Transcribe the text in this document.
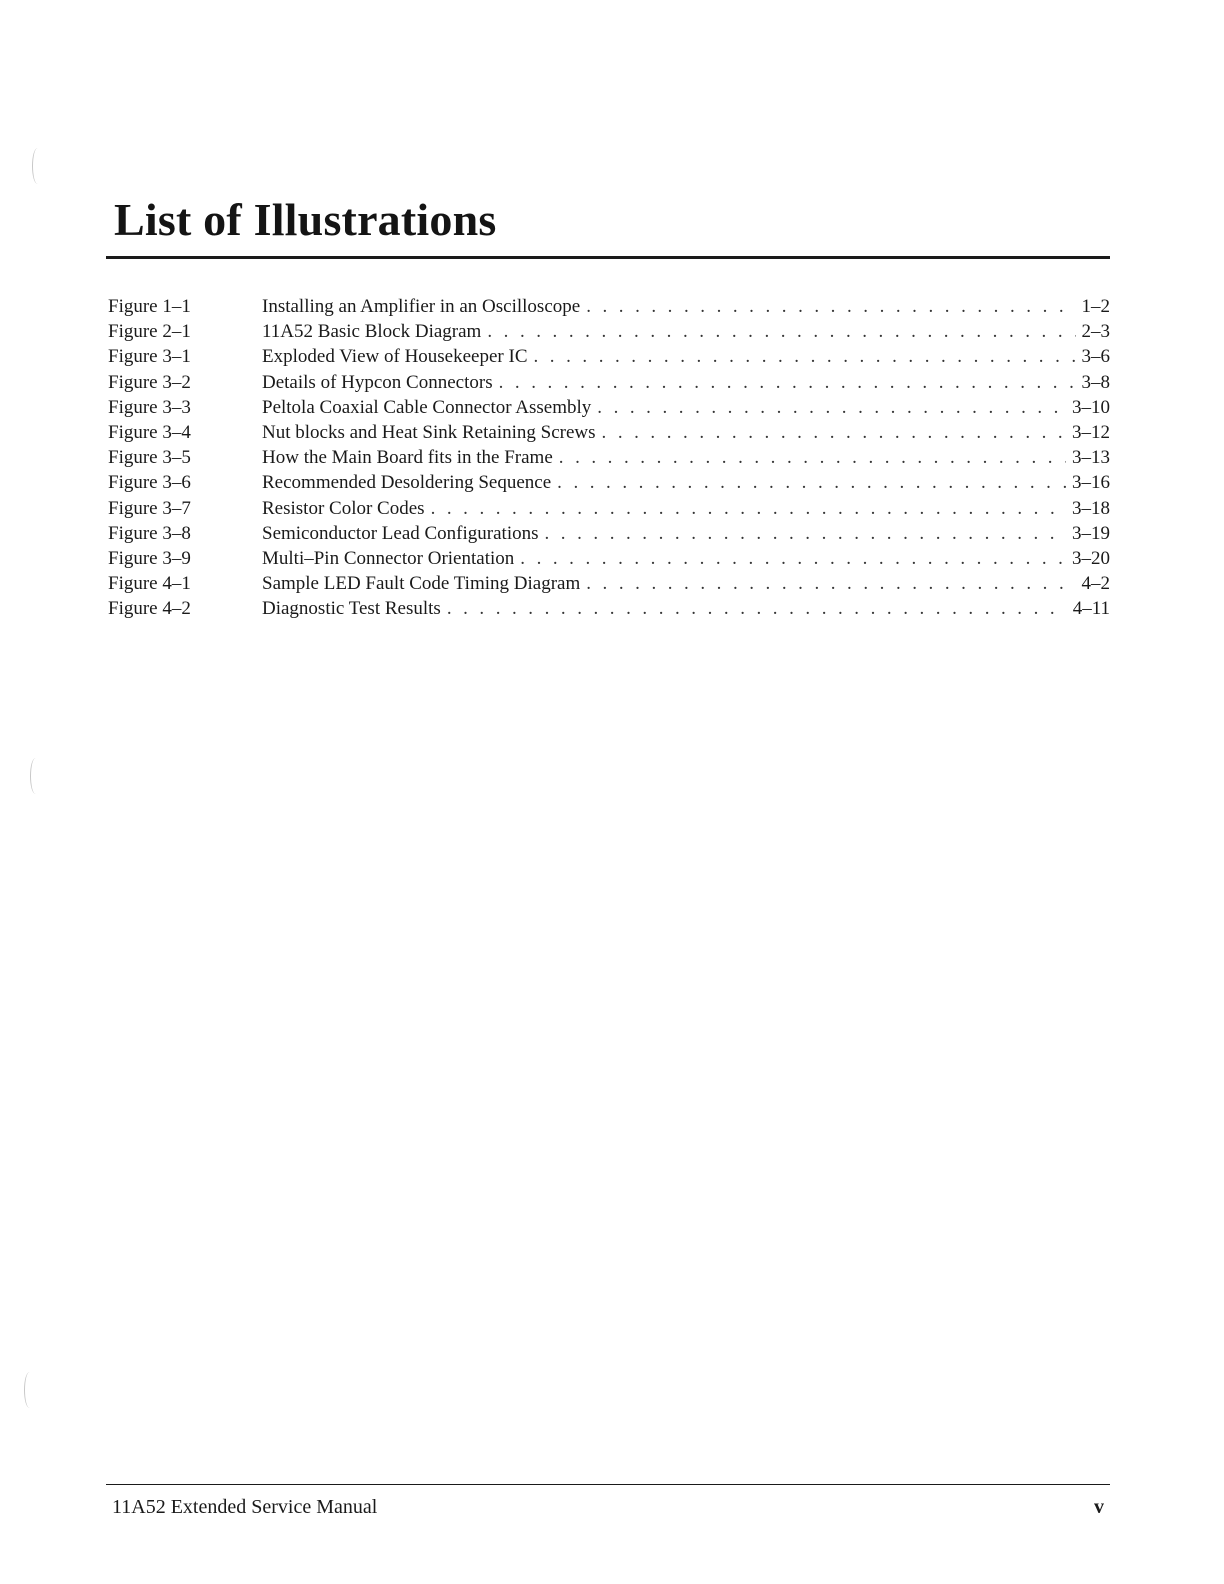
List of Illustrations
Figure 1–1	Installing an Amplifier in an Oscilloscope . . .	1–2
Figure 2–1	11A52 Basic Block Diagram . . .	2–3
Figure 3–1	Exploded View of Housekeeper IC . . .	3–6
Figure 3–2	Details of Hypcon Connectors . . .	3–8
Figure 3–3	Peltola Coaxial Cable Connector Assembly . . .	3–10
Figure 3–4	Nut blocks and Heat Sink Retaining Screws . . .	3–12
Figure 3–5	How the Main Board fits in the Frame . . .	3–13
Figure 3–6	Recommended Desoldering Sequence . . .	3–16
Figure 3–7	Resistor Color Codes . . .	3–18
Figure 3–8	Semiconductor Lead Configurations . . .	3–19
Figure 3–9	Multi–Pin Connector Orientation . . .	3–20
Figure 4–1	Sample LED Fault Code Timing Diagram . . .	4–2
Figure 4–2	Diagnostic Test Results . . .	4–11
11A52 Extended Service Manual	v
